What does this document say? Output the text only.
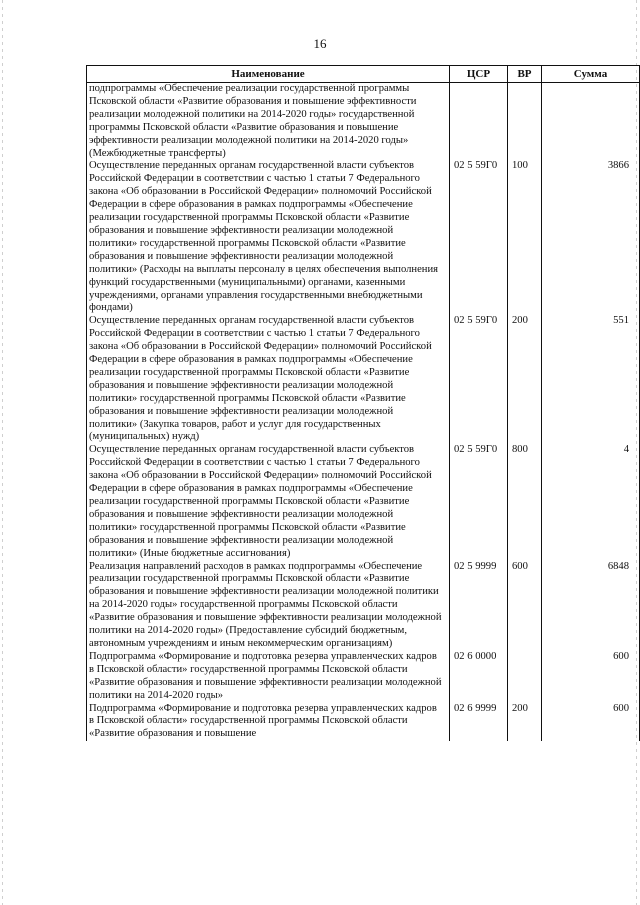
16
Наименование	ЦСР	ВР	Сумма
подпрограммы «Обеспечение реализации государственной программы Псковской области «Развитие образования и повышение эффективности реализации молодежной политики на 2014-2020 годы» государственной программы Псковской области «Развитие образования и повышение эффективности реализации молодежной политики на 2014-2020 годы» (Межбюджетные трансферты)			
Осуществление переданных органам государственной власти субъектов Российской Федерации в соответствии с частью 1 статьи 7 Федерального закона «Об образовании в Российской Федерации» полномочий Российской Федерации в сфере образования в рамках подпрограммы «Обеспечение реализации государственной программы Псковской области «Развитие образования и повышение эффективности реализации молодежной политики» государственной программы Псковской области «Развитие образования и повышение эффективности реализации молодежной политики» (Расходы на выплаты персоналу в целях обеспечения выполнения функций государственными (муниципальными) органами, казенными учреждениями, органами управления государственными внебюджетными фондами)	02 5 59Г0	100	3866
Осуществление переданных органам государственной власти субъектов Российской Федерации в соответствии с частью 1 статьи 7 Федерального закона «Об образовании в Российской Федерации» полномочий Российской Федерации в сфере образования в рамках подпрограммы «Обеспечение реализации государственной программы Псковской области «Развитие образования и повышение эффективности реализации молодежной политики» государственной программы Псковской области «Развитие образования и повышение эффективности реализации молодежной политики» (Закупка товаров, работ и услуг для государственных (муниципальных) нужд)	02 5 59Г0	200	551
Осуществление переданных органам государственной власти субъектов Российской Федерации в соответствии с частью 1 статьи 7 Федерального закона «Об образовании в Российской Федерации» полномочий Российской Федерации в сфере образования в рамках подпрограммы «Обеспечение реализации государственной программы Псковской области «Развитие образования и повышение эффективности реализации молодежной политики» государственной программы Псковской области «Развитие образования и повышение эффективности реализации молодежной политики» (Иные бюджетные ассигнования)	02 5 59Г0	800	4
Реализация направлений расходов в рамках подпрограммы «Обеспечение реализации государственной программы Псковской области «Развитие образования и повышение эффективности реализации молодежной политики на 2014-2020 годы» государственной программы Псковской области «Развитие образования и повышение эффективности реализации молодежной политики на 2014-2020 годы» (Предоставление субсидий бюджетным, автономным учреждениям и иным некоммерческим организациям)	02 5 9999	600	6848
Подпрограмма «Формирование и подготовка резерва управленческих кадров в Псковской области» государственной программы Псковской области «Развитие образования и повышение эффективности реализации молодежной политики на 2014-2020 годы»	02 6 0000		600
Подпрограмма «Формирование и подготовка резерва управленческих кадров в Псковской области» государственной программы Псковской области «Развитие образования и повышение	02 6 9999	200	600
